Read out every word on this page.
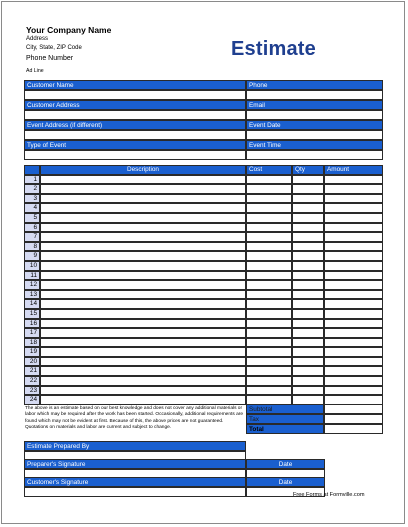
Your Company Name
Address
City, State, ZIP Code
Phone Number
Ad Line
Estimate
Customer Name	Phone
Customer Address	Email
Event Address (if different)	Event Date
Type of Event	Event Time
Description	Cost	Qty	Amount
1
2
3
4
5
6
7
8
9
10
11
12
13
14
15
16
17
18
19
20
21
22
23
24
The above is an estimate based on our best knowledge and does not cover any additional materials or labor which may be required after the work has been started. Occasionally, additional requirements are found which may not be evident at first. Because of this, the above prices are not guaranteed. Quotations on materials and labor are current and subject to change.
Subtotal
Tax
Total
Estimate Prepared By
Preparer's Signature	Date
Customer's Signature	Date
Free Forms at Formville.com
